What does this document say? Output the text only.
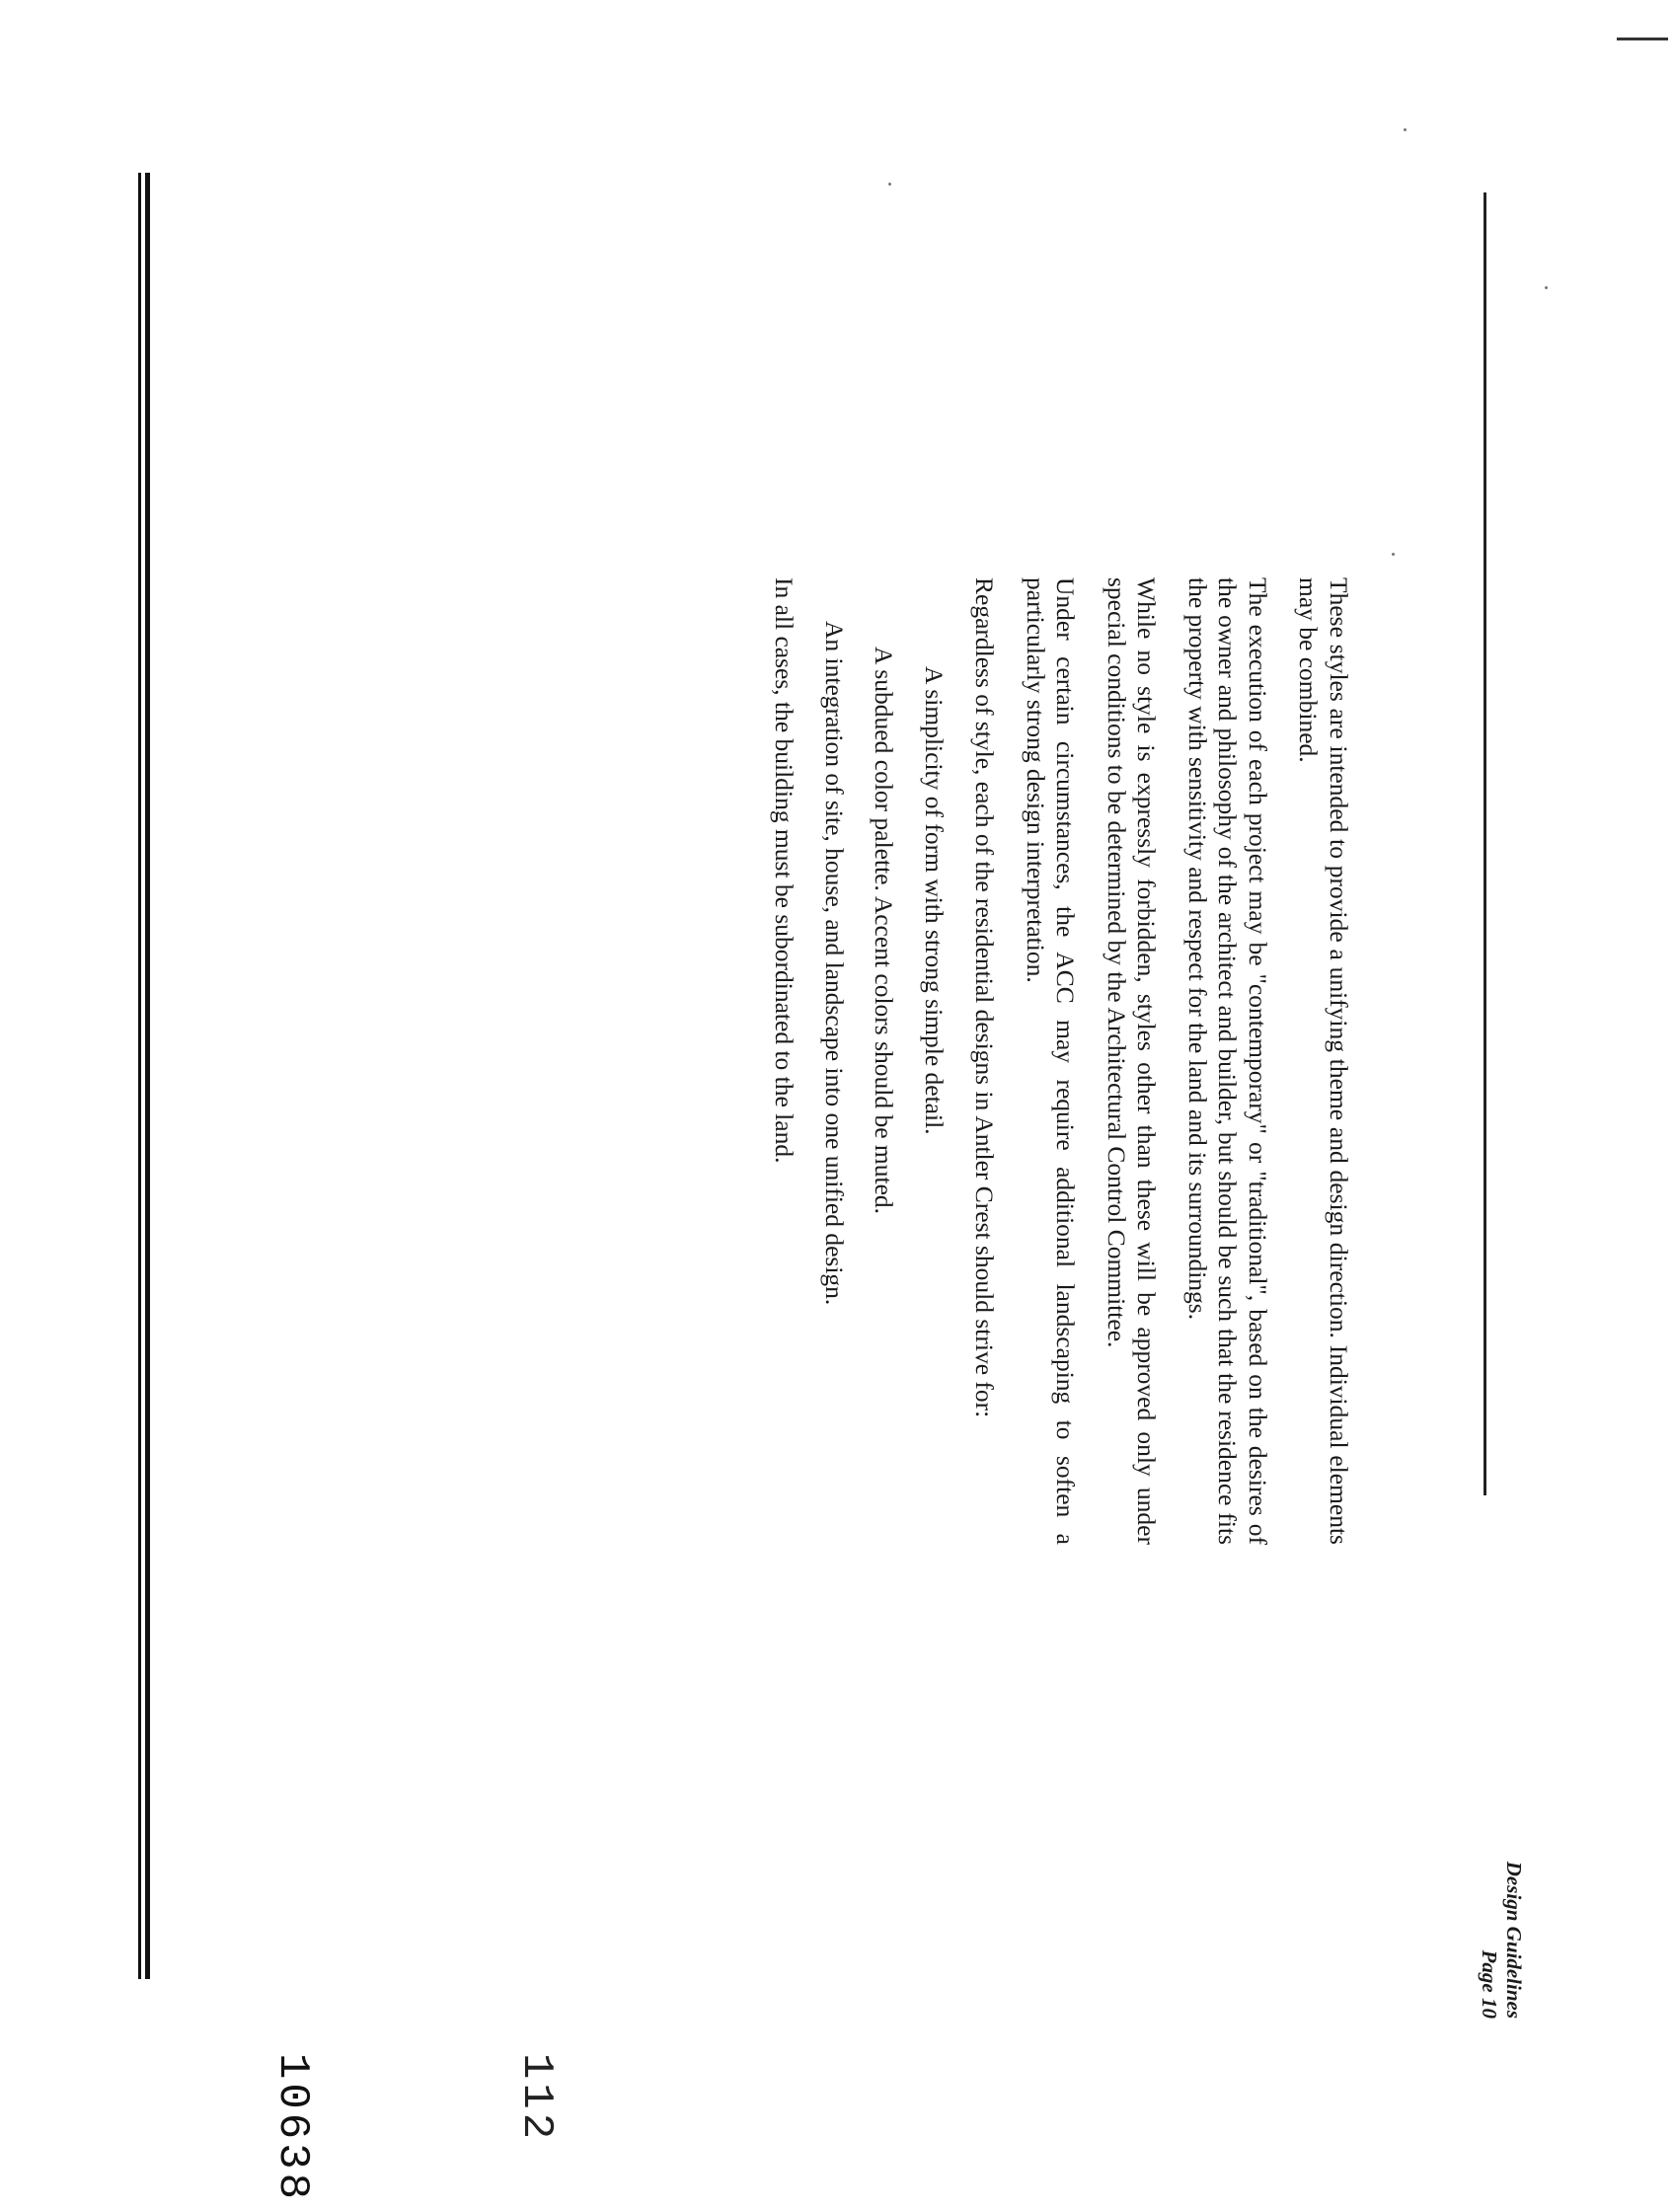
Design Guidelines
Page 10

These styles are intended to provide a unifying theme and design direction. Individual elements may be combined.

The execution of each project may be "contemporary" or "traditional", based on the desires of the owner and philosophy of the architect and builder, but should be such that the residence fits the property with sensitivity and respect for the land and its surroundings.

While no style is expressly forbidden, styles other than these will be approved only under special conditions to be determined by the Architectural Control Committee.

Under certain circumstances, the ACC may require additional landscaping to soften a particularly strong design interpretation.

Regardless of style, each of the residential designs in Antler Crest should strive for:

A simplicity of form with strong simple detail.

A subdued color palette. Accent colors should be muted.

An integration of site, house, and landscape into one unified design.

In all cases, the building must be subordinated to the land.

10638	112
